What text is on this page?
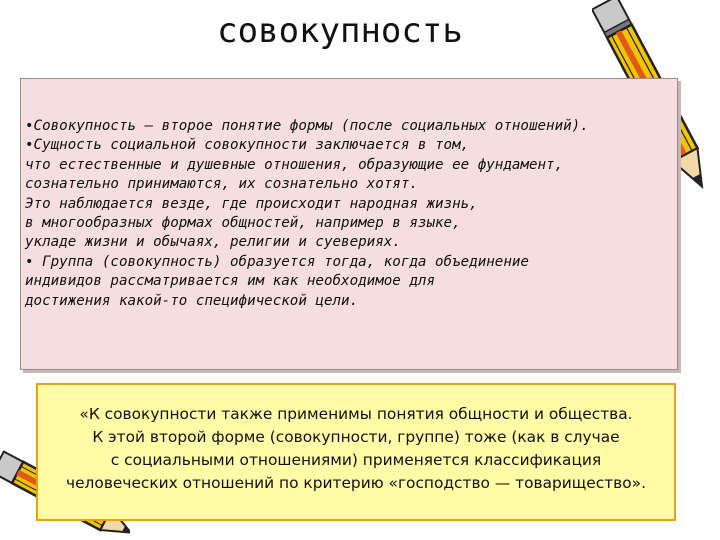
совокупность
•Совокупность — второе понятие формы (после социальных отношений).
•Сущность социальной совокупности заключается в том,
что естественные и душевные отношения, образующие ее фундамент,
сознательно принимаются, их сознательно хотят.
Это наблюдается везде, где происходит народная жизнь,
в многообразных формах общностей, например в языке,
укладе жизни и обычаях, религии и суевериях.
• Группа (совокупность) образуется тогда, когда объединение
индивидов рассматривается им как необходимое для
достижения какой-то специфической цели.
«К совокупности также применимы понятия общности и общества.
К этой второй форме (совокупности, группе) тоже (как в случае
с социальными отношениями) применяется классификация
человеческих отношений по критерию «господство — товарищество».
